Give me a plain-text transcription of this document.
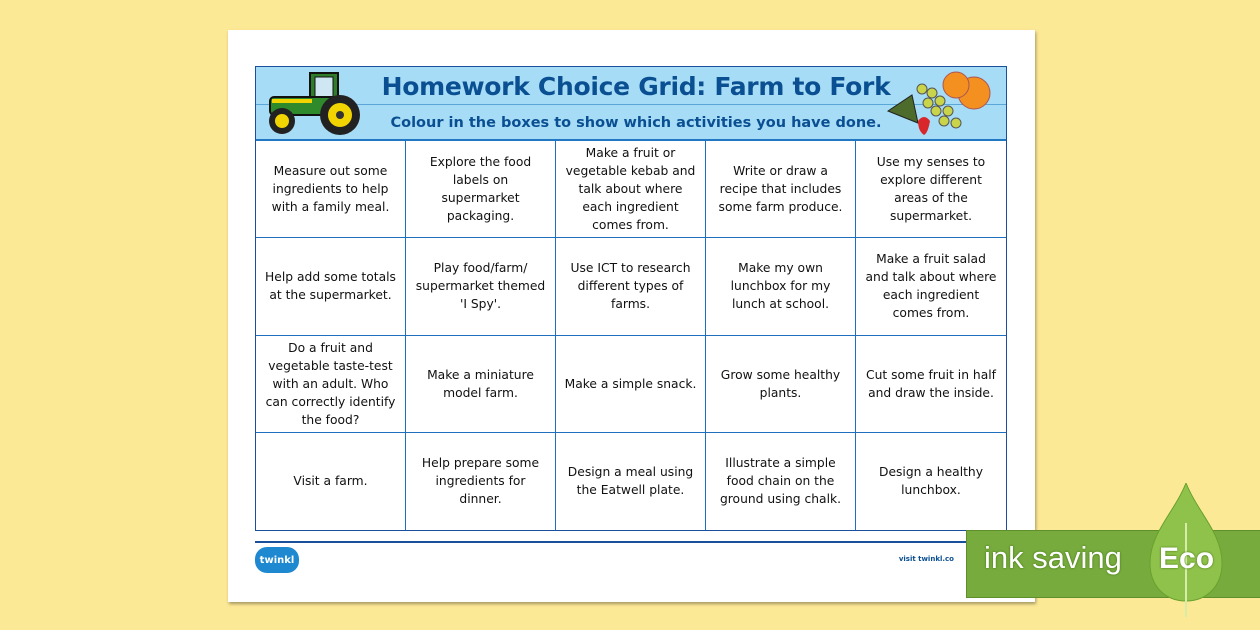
Homework Choice Grid: Farm to Fork
Colour in the boxes to show which activities you have done.
Measure out some ingredients to help with a family meal.
Explore the food labels on supermarket packaging.
Make a fruit or vegetable kebab and talk about where each ingredient comes from.
Write or draw a recipe that includes some farm produce.
Use my senses to explore different areas of the supermarket.
Help add some totals at the supermarket.
Play food/farm/ supermarket themed 'I Spy'.
Use ICT to research different types of farms.
Make my own lunchbox for my lunch at school.
Make a fruit salad and talk about where each ingredient comes from.
Do a fruit and vegetable taste-test with an adult. Who can correctly identify the food?
Make a miniature model farm.
Make a simple snack.
Grow some healthy plants.
Cut some fruit in half and draw the inside.
Visit a farm.
Help prepare some ingredients for dinner.
Design a meal using the Eatwell plate.
Illustrate a simple food chain on the ground using chalk.
Design a healthy lunchbox.
twinkl	visit twinkl.co ink saving Eco
